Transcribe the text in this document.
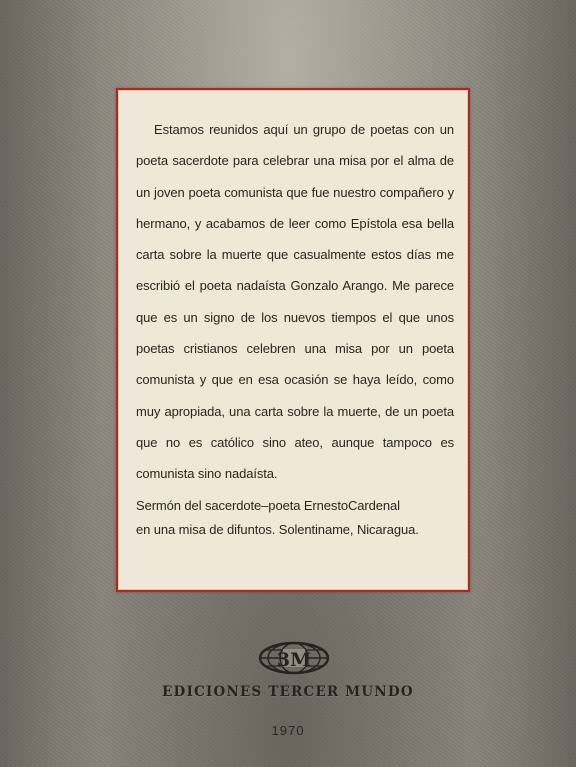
Estamos reunidos aquí un grupo de poetas con un poeta sacerdote para celebrar una misa por el alma de un joven poeta comunista que fue nuestro compañero y hermano, y acabamos de leer como Epístola esa bella carta sobre la muerte que casualmente estos días me escribió el poeta nadaísta Gonzalo Arango. Me parece que es un signo de los nuevos tiempos el que unos poetas cristianos celebren una misa por un poeta comunista y que en esa ocasión se haya leído, como muy apropiada, una carta sobre la muerte, de un poeta que no es católico sino ateo, aunque tampoco es comunista sino nadaísta.

Sermón del sacerdote–poeta ErnestoCardenal
en una misa de difuntos. Solentiname, Nicaragua.

3M
EDICIONES TERCER MUNDO
1970
